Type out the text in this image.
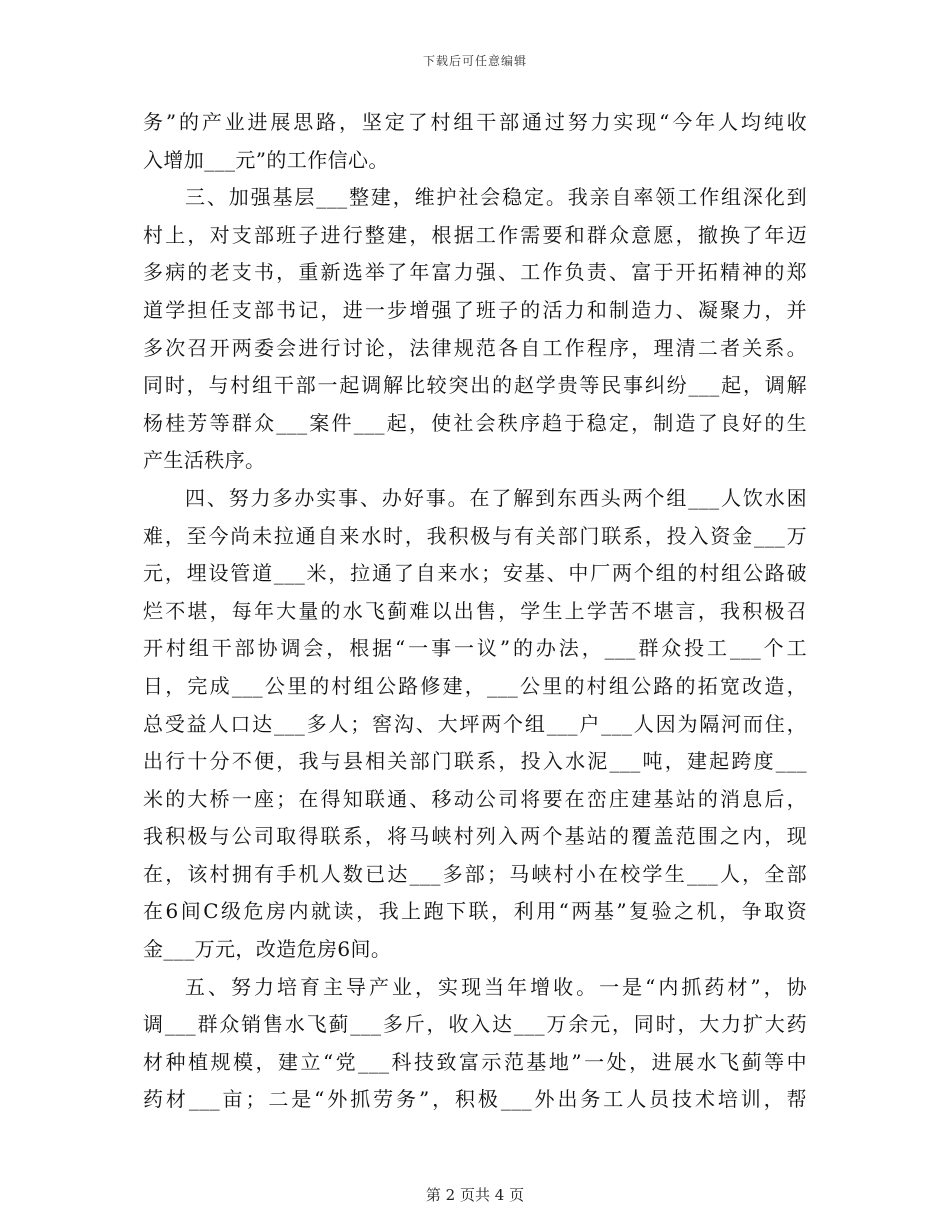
下载后可任意编辑
务”的产业进展思路，坚定了村组干部通过努力实现“今年人均纯收
入增加___元”的工作信心。
三、加强基层___整建，维护社会稳定。我亲自率领工作组深化到
村上，对支部班子进行整建，根据工作需要和群众意愿，撤换了年迈
多病的老支书，重新选举了年富力强、工作负责、富于开拓精神的郑
道学担任支部书记，进一步增强了班子的活力和制造力、凝聚力，并
多次召开两委会进行讨论，法律规范各自工作程序，理清二者关系。
同时，与村组干部一起调解比较突出的赵学贵等民事纠纷___起，调解
杨桂芳等群众___案件___起，使社会秩序趋于稳定，制造了良好的生
产生活秩序。
四、努力多办实事、办好事。在了解到东西头两个组___人饮水困
难，至今尚未拉通自来水时，我积极与有关部门联系，投入资金___万
元，埋设管道___米，拉通了自来水；安基、中厂两个组的村组公路破
烂不堪，每年大量的水飞蓟难以出售，学生上学苦不堪言，我积极召
开村组干部协调会，根据“一事一议”的办法，___群众投工___个工
日，完成___公里的村组公路修建，___公里的村组公路的拓宽改造，
总受益人口达___多人；窖沟、大坪两个组___户___人因为隔河而住，
出行十分不便，我与县相关部门联系，投入水泥___吨，建起跨度___
米的大桥一座；在得知联通、移动公司将要在峦庄建基站的消息后，
我积极与公司取得联系，将马峡村列入两个基站的覆盖范围之内，现
在，该村拥有手机人数已达___多部；马峡村小在校学生___人，全部
在6间C级危房内就读，我上跑下联，利用“两基”复验之机，争取资
金___万元，改造危房6间。
五、努力培育主导产业，实现当年增收。一是“内抓药材”，协
调___群众销售水飞蓟___多斤，收入达___万余元，同时，大力扩大药
材种植规模，建立“党___科技致富示范基地”一处，进展水飞蓟等中
药材___亩；二是“外抓劳务”，积极___外出务工人员技术培训，帮
第 2 页共 4 页
